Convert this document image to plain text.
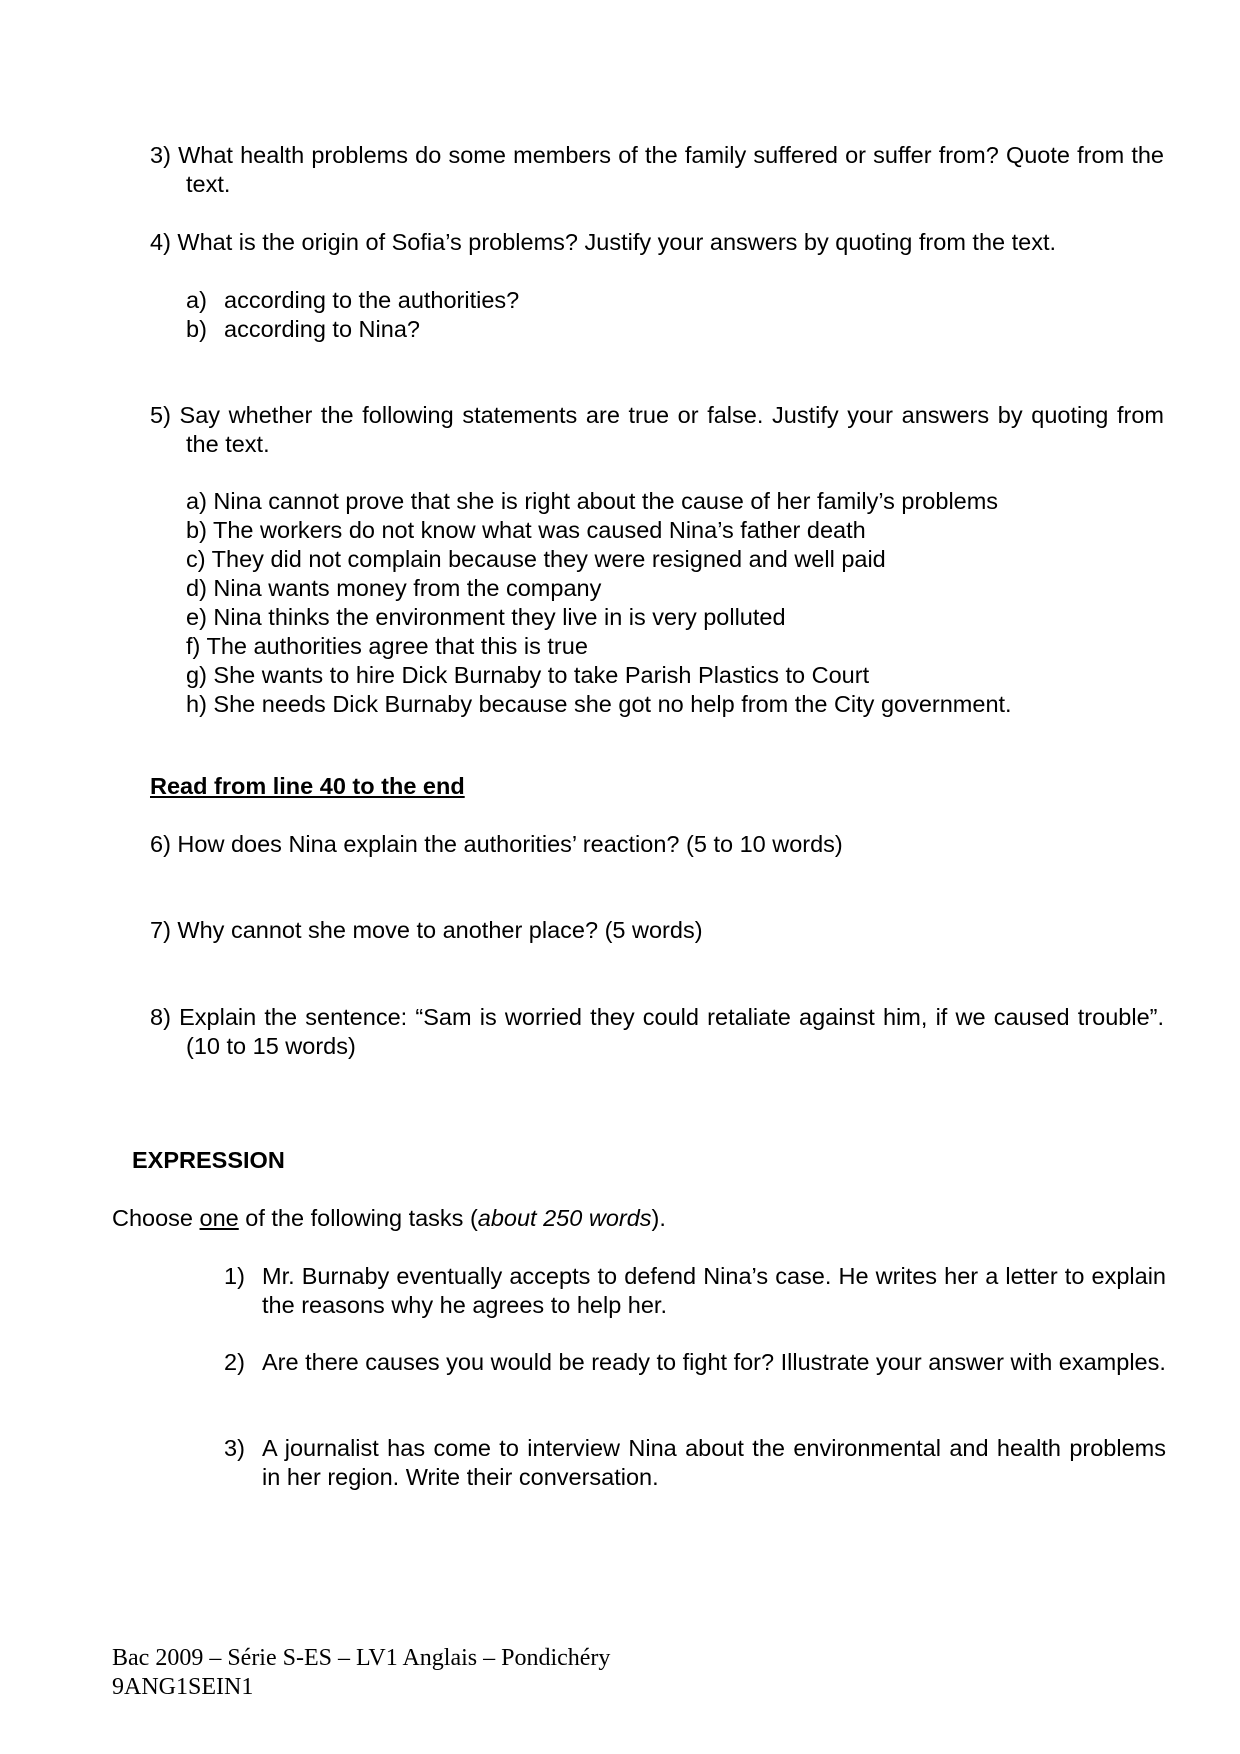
3) What health problems do some members of the family suffered or suffer from? Quote from the text.

4) What is the origin of Sofia’s problems? Justify your answers by quoting from the text.

a) according to the authorities?
b) according to Nina?

5) Say whether the following statements are true or false. Justify your answers by quoting from the text.

a) Nina cannot prove that she is right about the cause of her family’s problems
b) The workers do not know what was caused Nina’s father death
c) They did not complain because they were resigned and well paid
d) Nina wants money from the company
e) Nina thinks the environment they live in is very polluted
f) The authorities agree that this is true
g) She wants to hire Dick Burnaby to take Parish Plastics to Court
h) She needs Dick Burnaby because she got no help from the City government.

Read from line 40 to the end

6) How does Nina explain the authorities’ reaction? (5 to 10 words)

7) Why cannot she move to another place? (5 words)

8) Explain the sentence: “Sam is worried they could retaliate against him, if we caused trouble”. (10 to 15 words)

EXPRESSION

Choose one of the following tasks (about 250 words).

1) Mr. Burnaby eventually accepts to defend Nina’s case. He writes her a letter to explain the reasons why he agrees to help her.

2) Are there causes you would be ready to fight for? Illustrate your answer with examples.

3) A journalist has come to interview Nina about the environmental and health problems in her region. Write their conversation.

Bac 2009 – Série S-ES – LV1 Anglais – Pondichéry
9ANG1SEIN1
